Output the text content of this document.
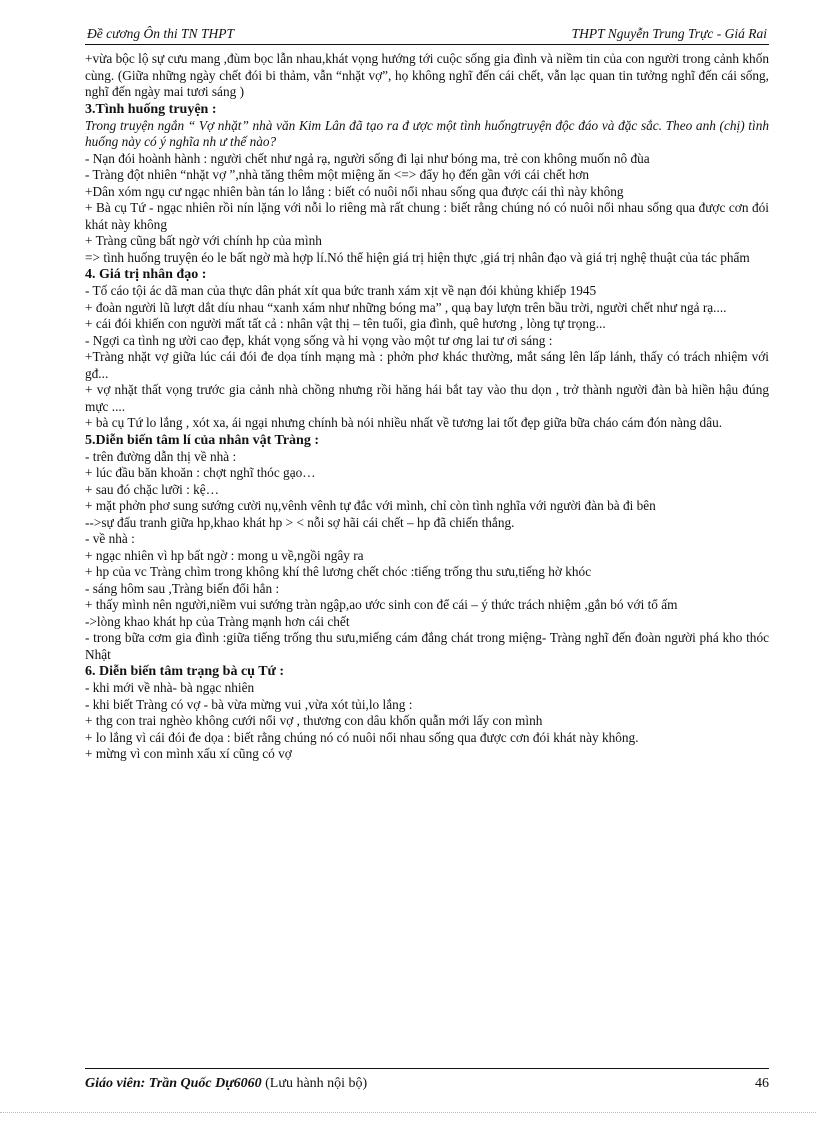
Đề cương Ôn thi TN THPT	THPT Nguyễn Trung Trực - Giá Rai

+vừa bộc lộ sự cưu mang ,đùm bọc lẫn nhau,khát vọng hướng tới cuộc sống gia đình và niềm tin của con người trong cảnh khốn cùng. (Giữa những ngày chết đói bi thảm, vẫn “nhặt vợ”, họ không nghĩ đến cái chết, vẫn lạc quan tin tưởng nghĩ đến cái sống, nghĩ đến ngày mai tươi sáng )

3.Tình huống truyện :

Trong truyện ngắn “ Vợ nhặt” nhà văn Kim Lân đã tạo ra đ ược một tình huốngtruyện độc đáo và đặc sắc. Theo anh (chị) tình huống này có ý nghĩa nh ư thế nào?

- Nạn đói hoành hành : người chết như ngả rạ, người sống đi lại như bóng ma, trẻ con không muốn nô đùa

- Tràng đột nhiên “nhặt vợ ”,nhà tăng thêm một miệng ăn <=> đẩy họ đến gần với cái chết hơn

+Dân xóm ngụ cư ngạc nhiên bàn tán lo lắng : biết có nuôi nổi nhau sống qua được cái thì này không

+ Bà cụ Tứ - ngạc nhiên rồi nín lặng với nỗi lo riêng mà rất chung : biết rằng chúng nó có nuôi nổi nhau sống qua được cơn đói khát này không

+ Tràng cũng bất ngờ với chính hp của mình

=> tình huống truyện éo le bất ngờ mà hợp lí.Nó thể hiện giá trị hiện thực ,giá trị nhân đạo và giá trị nghệ thuật của tác phẩm

4. Giá trị nhân đạo :

- Tố cáo tội ác dã man của thực dân phát xít qua bức tranh xám xịt về nạn đói khủng khiếp 1945

+ đoàn người lũ lượt dắt díu nhau “xanh xám như những bóng ma” , quạ bay lượn trên bầu trời, người chết như ngả rạ....

+ cái đói khiến con người mất tất cả : nhân vật thị – tên tuổi, gia đình, quê hương , lòng tự trọng...

- Ngợi ca tình ng ười cao đẹp, khát vọng sống và hi vọng vào một tư ơng lai tư ơi sáng :

+Tràng nhặt vợ giữa lúc cái đói đe dọa tính mạng mà : phởn phơ khác thường, mắt sáng lên lấp lánh, thấy có trách nhiệm với gđ...

+ vợ nhặt thất vọng trước gia cảnh nhà chồng nhưng rồi hăng hái bắt tay vào thu dọn , trở thành người đàn bà hiền hậu đúng mực ....

+ bà cụ Tứ lo lắng , xót xa, ái ngại nhưng chính bà nói nhiều nhất về tương lai tốt đẹp giữa bữa cháo cám đón nàng dâu.

5.Diễn biến tâm lí của nhân vật Tràng :

- trên đường dẫn thị về nhà :

+ lúc đầu băn khoăn : chợt nghĩ thóc gạo…

+ sau đó chặc lưỡi : kệ…

+ mặt phởn phơ sung sướng cười nụ,vênh vênh tự đắc với mình, chỉ còn tình nghĩa với người đàn bà đi bên

-->sự đấu tranh giữa hp,khao khát hp > < nỗi sợ hãi cái chết – hp đã chiến thắng.

- về nhà :

+ ngạc nhiên vì hp bất ngờ : mong u về,ngồi ngây ra

+ hp của vc Tràng chìm trong không khí thê lương chết chóc :tiếng trống thu sưu,tiếng hờ khóc

- sáng hôm sau ,Tràng biến đổi hẳn :

+ thấy mình nên người,niềm vui sướng tràn ngập,ao ước sinh con để cái – ý thức trách nhiệm ,gắn bó với tổ ấm

->lòng khao khát hp của Tràng mạnh hơn cái chết

- trong bữa cơm gia đình :giữa tiếng trống thu sưu,miếng cám đắng chát trong miệng- Tràng nghĩ đến đoàn người phá kho thóc Nhật

6. Diễn biến tâm trạng bà cụ Tứ :

- khi mới về nhà- bà ngạc nhiên

- khi biết Tràng có vợ - bà vừa mừng vui ,vừa xót tủi,lo lắng :

+ thg con trai nghèo không cưới nổi vợ , thương con dâu khốn quẫn mới lấy con mình

+ lo lắng vì cái đói đe dọa : biết rằng chúng nó có nuôi nổi nhau sống qua được cơn đói khát này không.

+ mừng vì con mình xấu xí cũng có vợ

Giáo viên: Trần Quốc Dự6060 (Lưu hành nội bộ)	46
